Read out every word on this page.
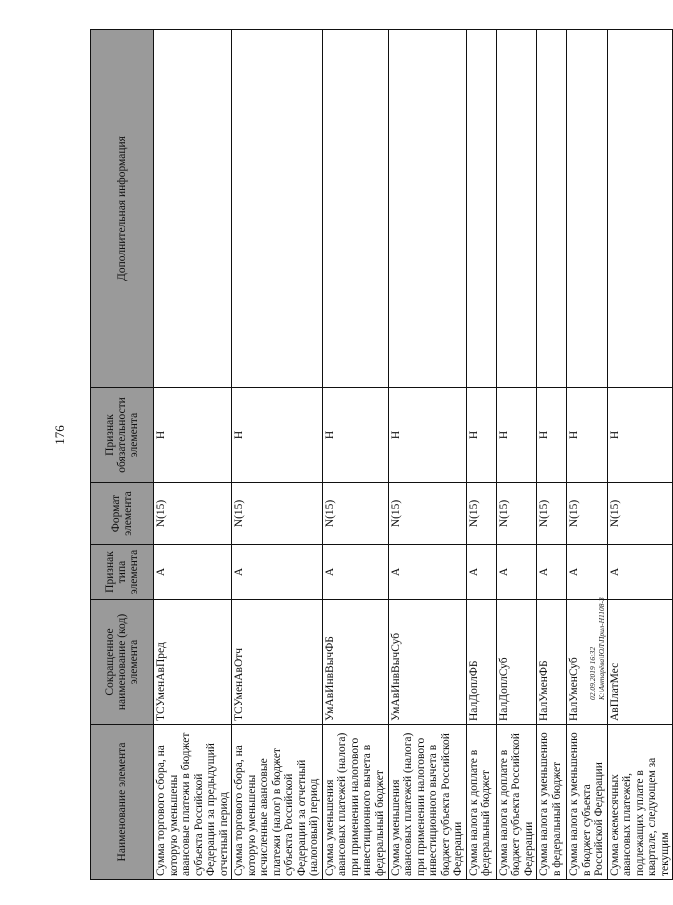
176
Наименование элемента	Сокращенное наименование (код) элемента	Признак типа элемента	Формат элемента	Признак обязательности элемента	Дополнительная информация
Сумма торгового сбора, на которую уменьшены авансовые платежи в бюджет субъекта Российской Федерации за предыдущий отчетный период	ТСУменАвПред	А	N(15)	Н	
Сумма торгового сбора, на которую уменьшены исчисленные авансовые платежи (налог) в бюджет субъекта Российской Федерации за отчетный (налоговый) период	ТСУменАвОтч	А	N(15)	Н	
Сумма уменьшения авансовых платежей (налога) при применении налогового инвестиционного вычета в федеральный бюджет	УмАвИнвВычФБ	А	N(15)	Н	
Сумма уменьшения авансовых платежей (налога) при применении налогового инвестиционного вычета в бюджет субъекта Российской Федерации	УмАвИнвВычСуб	А	N(15)	Н	
Сумма налога к доплате в федеральный бюджет	НалДоплФБ	А	N(15)	Н	
Сумма налога к доплате в бюджет субъекта Российской Федерации	НалДоплСуб	А	N(15)	Н	
Сумма налога к уменьшению в федеральный бюджет	НалУменФБ	А	N(15)	Н	
Сумма налога к уменьшению в бюджет субъекта Российской Федерации	НалУменСуб	А	N(15)	Н	
Сумма ежемесячных авансовых платежей, подлежащих уплате в квартале, следующем за текущим	АвПлатМес	А	N(15)	Н	
02.09.2019 16:32 К:\Антарёва\ЮЛ\Прил-Н1108-3
